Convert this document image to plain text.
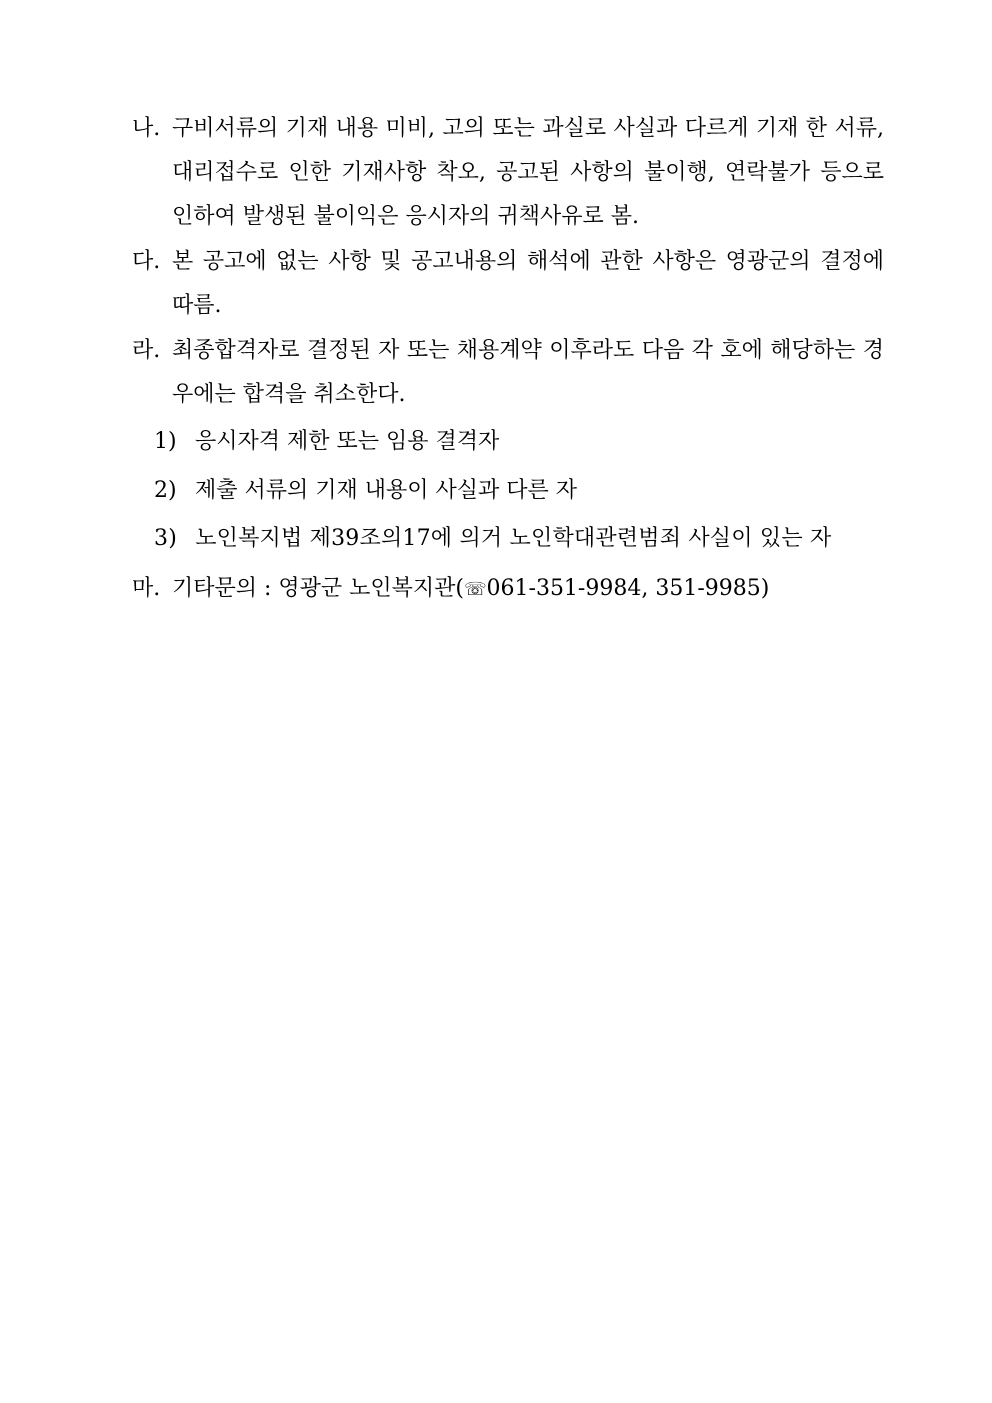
나. 구비서류의 기재 내용 미비, 고의 또는 과실로 사실과 다르게 기재 한 서류, 대리접수로 인한 기재사항 착오, 공고된 사항의 불이행, 연락불가 등으로 인하여 발생된 불이익은 응시자의 귀책사유로 봄.
다. 본 공고에 없는 사항 및 공고내용의 해석에 관한 사항은 영광군의 결정에 따름.
라. 최종합격자로 결정된 자 또는 채용계약 이후라도 다음 각 호에 해당하는 경우에는 합격을 취소한다.
1) 응시자격 제한 또는 임용 결격자
2) 제출 서류의 기재 내용이 사실과 다른 자
3) 노인복지법 제39조의17에 의거 노인학대관련범죄 사실이 있는 자
마. 기타문의 : 영광군 노인복지관(☏061-351-9984, 351-9985)
